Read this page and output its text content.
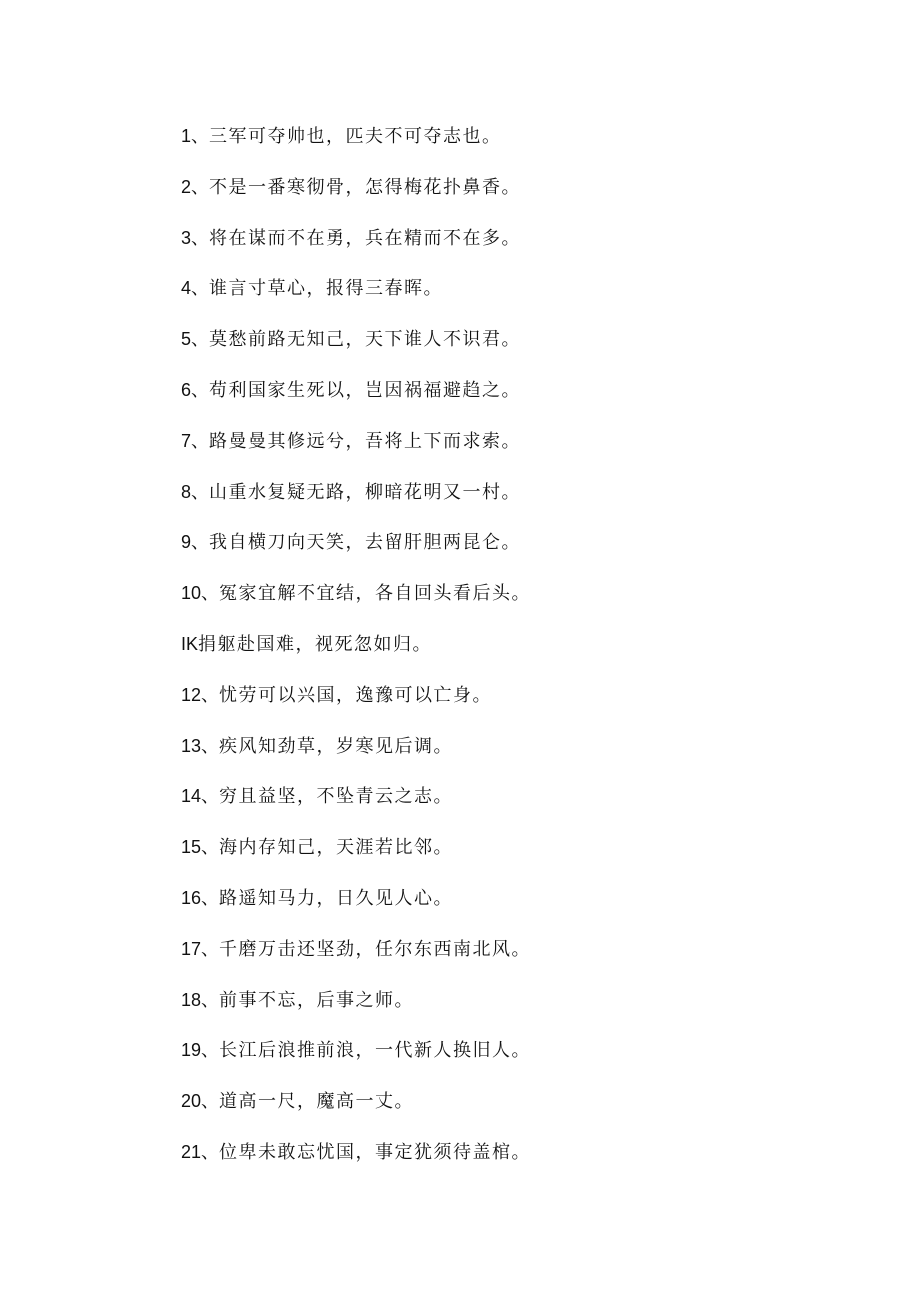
1、三军可夺帅也，匹夫不可夺志也。
2、不是一番寒彻骨，怎得梅花扑鼻香。
3、将在谋而不在勇，兵在精而不在多。
4、谁言寸草心，报得三春晖。
5、莫愁前路无知己，天下谁人不识君。
6、苟利国家生死以，岂因祸福避趋之。
7、路曼曼其修远兮，吾将上下而求索。
8、山重水复疑无路，柳暗花明又一村。
9、我自横刀向天笑，去留肝胆两昆仑。
10、冤家宜解不宜结，各自回头看后头。
IK捐躯赴国难，视死忽如归。
12、忧劳可以兴国，逸豫可以亡身。
13、疾风知劲草，岁寒见后调。
14、穷且益坚，不坠青云之志。
15、海内存知己，天涯若比邻。
16、路遥知马力，日久见人心。
17、千磨万击还坚劲，任尔东西南北风。
18、前事不忘，后事之师。
19、长江后浪推前浪，一代新人换旧人。
20、道高一尺，魔高一丈。
21、位卑未敢忘忧国，事定犹须待盖棺。
